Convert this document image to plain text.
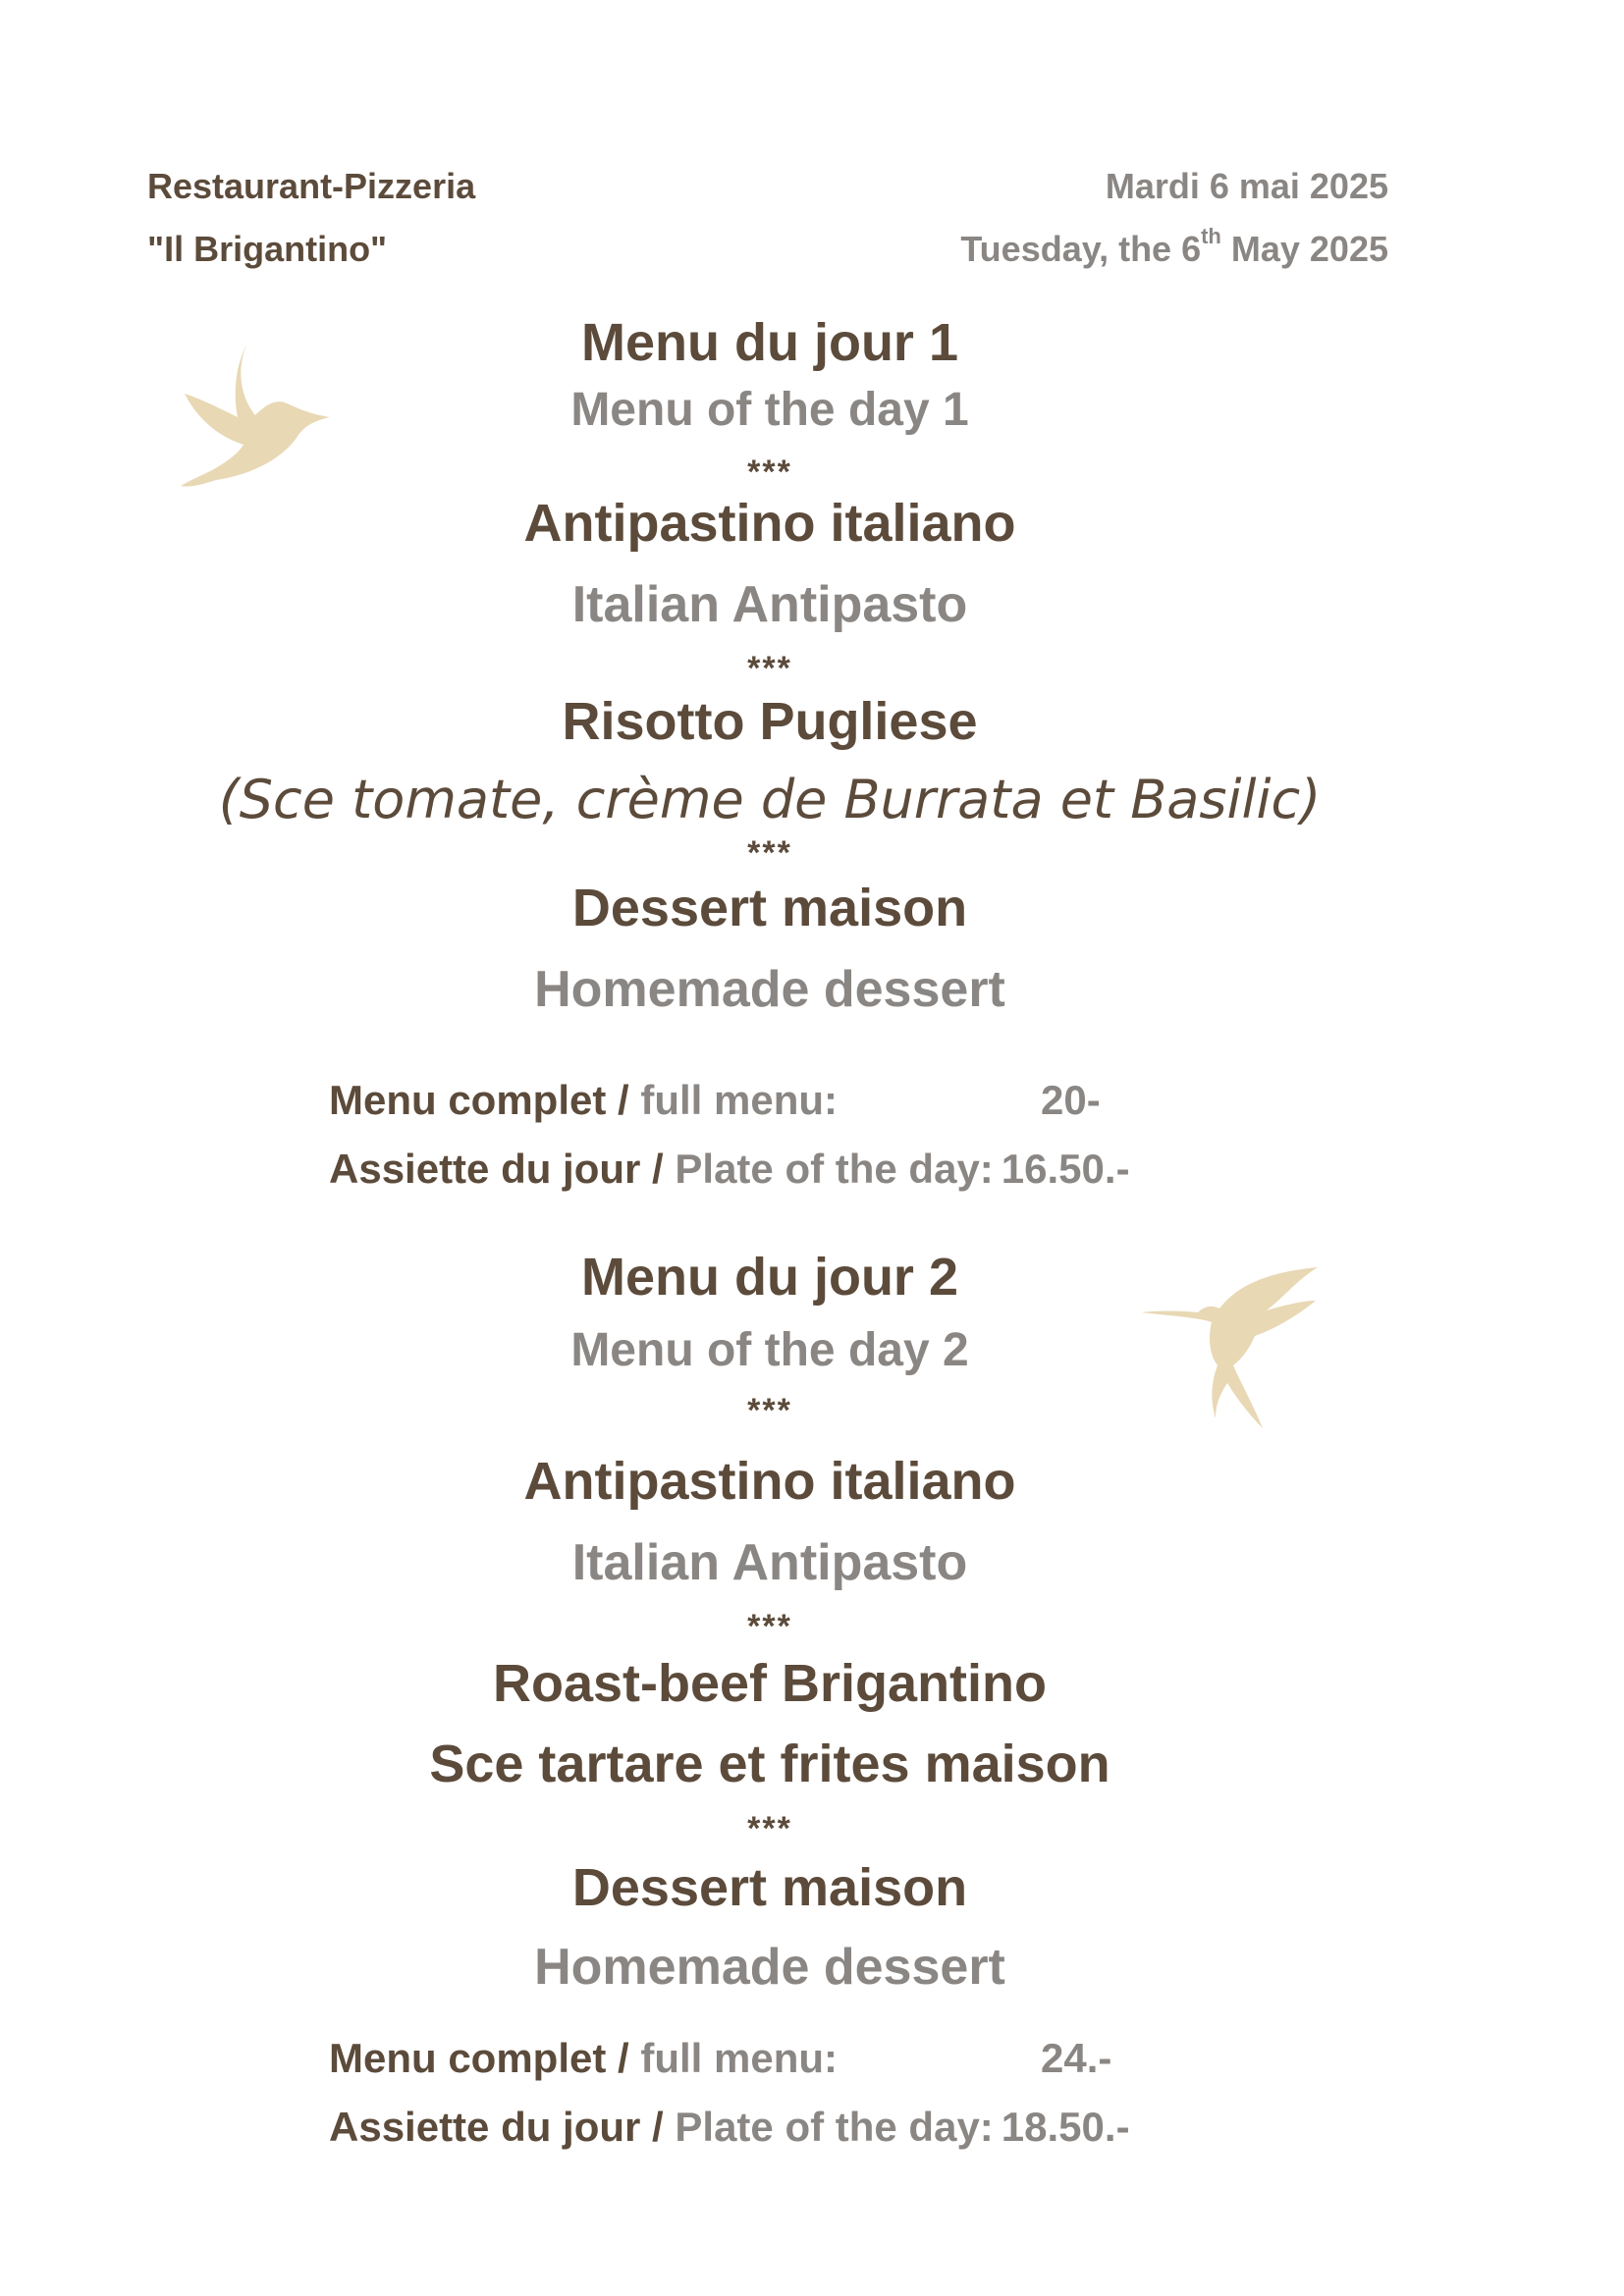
Restaurant-Pizzeria
"Il Brigantino"
Mardi 6 mai 2025
Tuesday, the 6th May 2025
Menu du jour 1
Menu of the day 1
***
Antipastino italiano
Italian Antipasto
***
Risotto Pugliese
(Sce tomate, crème de Burrata et Basilic)
***
Dessert maison
Homemade dessert
Menu complet / full menu:	20-
Assiette du jour / Plate of the day: 16.50.-
Menu du jour 2
Menu of the day 2
***
Antipastino italiano
Italian Antipasto
***
Roast-beef Brigantino
Sce tartare et frites maison
***
Dessert maison
Homemade dessert
Menu complet / full menu:	24.-
Assiette du jour / Plate of the day: 18.50.-
